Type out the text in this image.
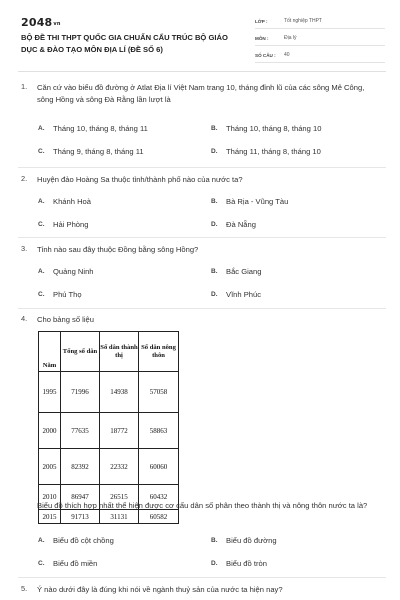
2048vn
BỘ ĐỀ THI THPT QUỐC GIA CHUẨN CẤU TRÚC BỘ GIÁO DỤC & ĐÀO TẠO MÔN ĐỊA LÍ (ĐỀ SỐ 6)
LỚP :	Tốt nghiệp THPT
MÔN :	Địa lý
SỐ CÂU :	40
1.	Căn cứ vào biểu đồ đường ở Atlat Địa lí Việt Nam trang 10, tháng đỉnh lũ của các sông Mê Công, sông Hồng và sông Đà Rằng lần lượt là
A.	Tháng 10, tháng 8, tháng 11	B.	Tháng 10, tháng 8, tháng 10
C.	Tháng 9, tháng 8, tháng 11	D.	Tháng 11, tháng 8, tháng 10
2.	Huyện đảo Hoàng Sa thuộc tỉnh/thành phố nào của nước ta?
A.	Khánh Hoà	B.	Bà Rịa - Vũng Tàu
C.	Hải Phòng	D.	Đà Nẵng
3.	Tỉnh nào sau đây thuộc Đồng bằng sông Hồng?
A.	Quảng Ninh	B.	Bắc Giang
C.	Phú Thọ	D.	Vĩnh Phúc
4.	Cho bảng số liệu
Năm	Tổng số dân	Số dân thành thị	Số dân nông thôn
1995	71996	14938	57058
2000	77635	18772	58863
2005	82392	22332	60060
2010	86947	26515	60432
2015	91713	31131	60582
Biểu đồ thích hợp nhất thể hiện được cơ cấu dân số phân theo thành thị và nông thôn nước ta là?
A.	Biểu đồ cột chồng	B.	Biểu đồ đường
C.	Biểu đồ miền	D.	Biểu đồ tròn
5.	Ý nào dưới đây là đúng khi nói về ngành thuỷ sản của nước ta hiện nay?
